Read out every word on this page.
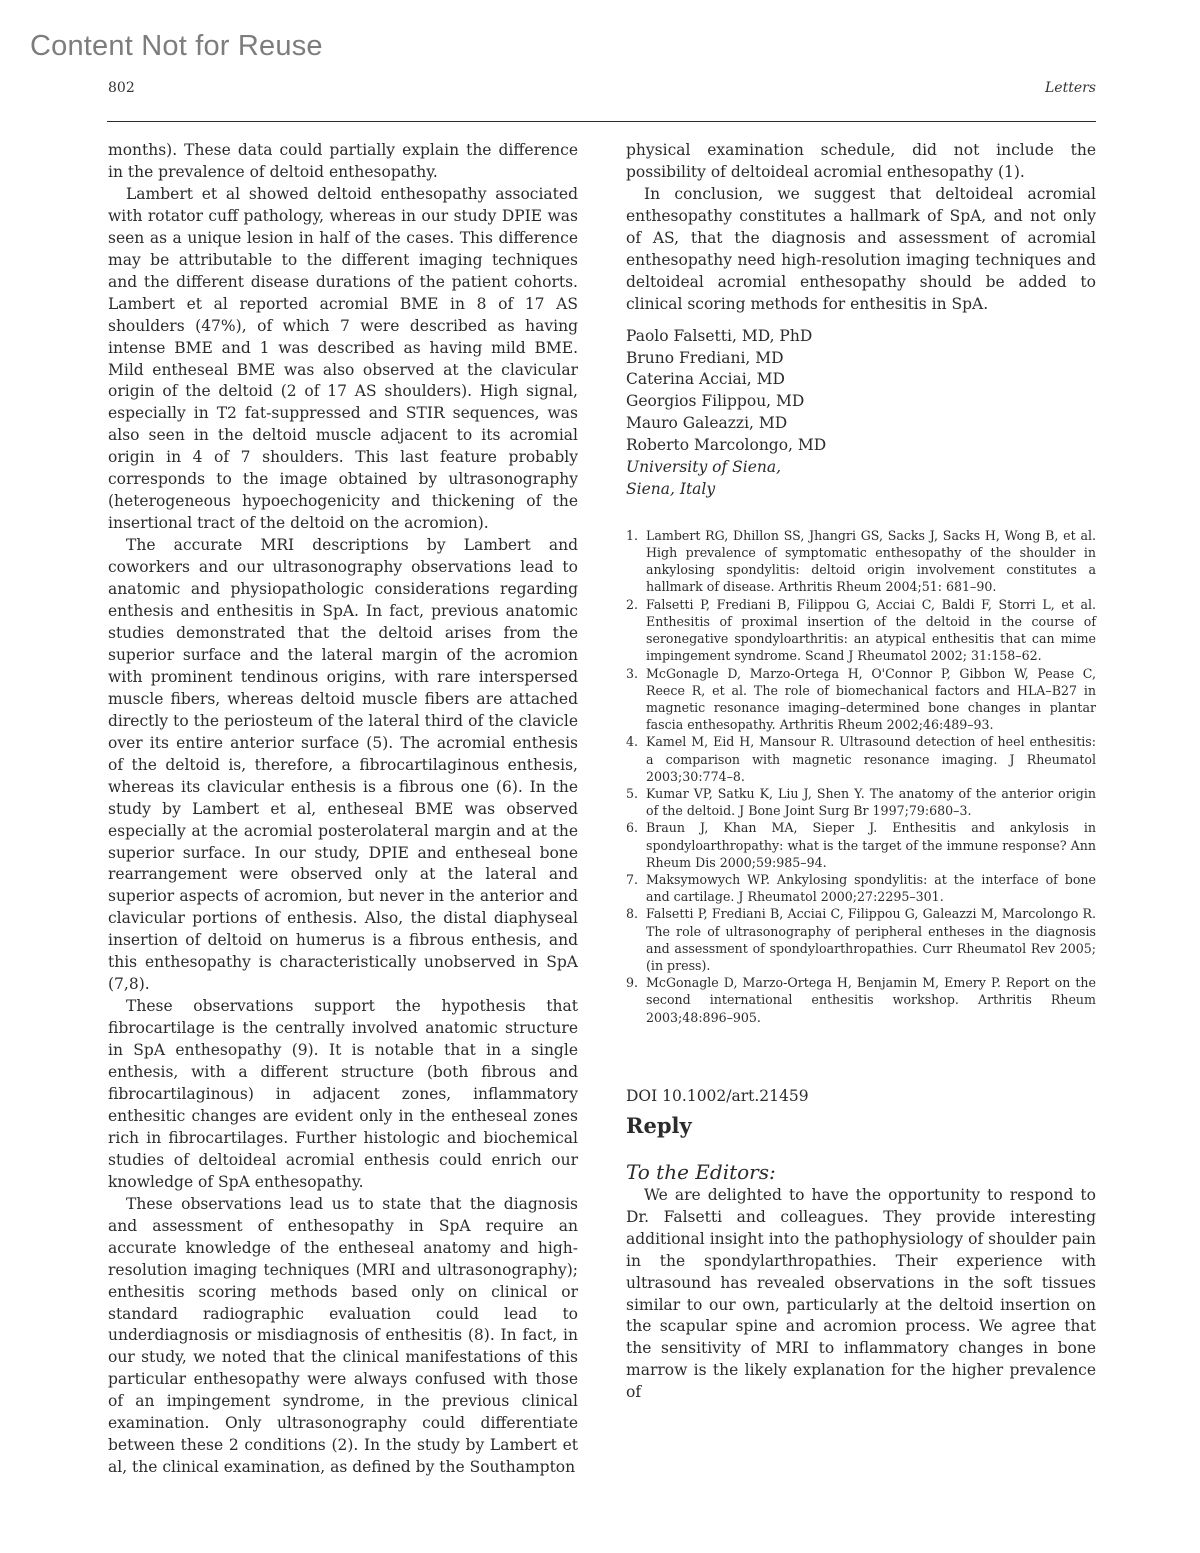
Content Not for Reuse
802	Letters

months). These data could partially explain the difference in the prevalence of deltoid enthesopathy.

Lambert et al showed deltoid enthesopathy associated with rotator cuff pathology, whereas in our study DPIE was seen as a unique lesion in half of the cases. This difference may be attributable to the different imaging techniques and the different disease durations of the patient cohorts. Lambert et al reported acromial BME in 8 of 17 AS shoulders (47%), of which 7 were described as having intense BME and 1 was described as having mild BME. Mild entheseal BME was also observed at the clavicular origin of the deltoid (2 of 17 AS shoulders). High signal, especially in T2 fat-suppressed and STIR sequences, was also seen in the deltoid muscle adjacent to its acromial origin in 4 of 7 shoulders. This last feature probably corresponds to the image obtained by ultrasonography (heterogeneous hypoechogenicity and thickening of the insertional tract of the deltoid on the acromion).

The accurate MRI descriptions by Lambert and coworkers and our ultrasonography observations lead to anatomic and physiopathologic considerations regarding enthesis and enthesitis in SpA. In fact, previous anatomic studies demonstrated that the deltoid arises from the superior surface and the lateral margin of the acromion with prominent tendinous origins, with rare interspersed muscle fibers, whereas deltoid muscle fibers are attached directly to the periosteum of the lateral third of the clavicle over its entire anterior surface (5). The acromial enthesis of the deltoid is, therefore, a fibrocartilaginous enthesis, whereas its clavicular enthesis is a fibrous one (6). In the study by Lambert et al, entheseal BME was observed especially at the acromial posterolateral margin and at the superior surface. In our study, DPIE and entheseal bone rearrangement were observed only at the lateral and superior aspects of acromion, but never in the anterior and clavicular portions of enthesis. Also, the distal diaphyseal insertion of deltoid on humerus is a fibrous enthesis, and this enthesopathy is characteristically unobserved in SpA (7,8).

These observations support the hypothesis that fibrocartilage is the centrally involved anatomic structure in SpA enthesopathy (9). It is notable that in a single enthesis, with a different structure (both fibrous and fibrocartilaginous) in adjacent zones, inflammatory enthesitic changes are evident only in the entheseal zones rich in fibrocartilages. Further histologic and biochemical studies of deltoideal acromial enthesis could enrich our knowledge of SpA enthesopathy.

These observations lead us to state that the diagnosis and assessment of enthesopathy in SpA require an accurate knowledge of the entheseal anatomy and high-resolution imaging techniques (MRI and ultrasonography); enthesitis scoring methods based only on clinical or standard radiographic evaluation could lead to underdiagnosis or misdiagnosis of enthesitis (8). In fact, in our study, we noted that the clinical manifestations of this particular enthesopathy were always confused with those of an impingement syndrome, in the previous clinical examination. Only ultrasonography could differentiate between these 2 conditions (2). In the study by Lambert et al, the clinical examination, as defined by the Southampton

physical examination schedule, did not include the possibility of deltoideal acromial enthesopathy (1).

In conclusion, we suggest that deltoideal acromial enthesopathy constitutes a hallmark of SpA, and not only of AS, that the diagnosis and assessment of acromial enthesopathy need high-resolution imaging techniques and deltoideal acromial enthesopathy should be added to clinical scoring methods for enthesitis in SpA.

Paolo Falsetti, MD, PhD
Bruno Frediani, MD
Caterina Acciai, MD
Georgios Filippou, MD
Mauro Galeazzi, MD
Roberto Marcolongo, MD
University of Siena,
Siena, Italy
1. Lambert RG, Dhillon SS, Jhangri GS, Sacks J, Sacks H, Wong B, et al. High prevalence of symptomatic enthesopathy of the shoulder in ankylosing spondylitis: deltoid origin involvement constitutes a hallmark of disease. Arthritis Rheum 2004;51: 681–90.
2. Falsetti P, Frediani B, Filippou G, Acciai C, Baldi F, Storri L, et al. Enthesitis of proximal insertion of the deltoid in the course of seronegative spondyloarthritis: an atypical enthesitis that can mime impingement syndrome. Scand J Rheumatol 2002; 31:158–62.
3. McGonagle D, Marzo-Ortega H, O'Connor P, Gibbon W, Pease C, Reece R, et al. The role of biomechanical factors and HLA–B27 in magnetic resonance imaging–determined bone changes in plantar fascia enthesopathy. Arthritis Rheum 2002;46:489–93.
4. Kamel M, Eid H, Mansour R. Ultrasound detection of heel enthesitis: a comparison with magnetic resonance imaging. J Rheumatol 2003;30:774–8.
5. Kumar VP, Satku K, Liu J, Shen Y. The anatomy of the anterior origin of the deltoid. J Bone Joint Surg Br 1997;79:680–3.
6. Braun J, Khan MA, Sieper J. Enthesitis and ankylosis in spondyloarthropathy: what is the target of the immune response? Ann Rheum Dis 2000;59:985–94.
7. Maksymowych WP. Ankylosing spondylitis: at the interface of bone and cartilage. J Rheumatol 2000;27:2295–301.
8. Falsetti P, Frediani B, Acciai C, Filippou G, Galeazzi M, Marcolongo R. The role of ultrasonography of peripheral entheses in the diagnosis and assessment of spondyloarthropathies. Curr Rheumatol Rev 2005; (in press).
9. McGonagle D, Marzo-Ortega H, Benjamin M, Emery P. Report on the second international enthesitis workshop. Arthritis Rheum 2003;48:896–905.
DOI 10.1002/art.21459
Reply
To the Editors:

We are delighted to have the opportunity to respond to Dr. Falsetti and colleagues. They provide interesting additional insight into the pathophysiology of shoulder pain in the spondylarthropathies. Their experience with ultrasound has revealed observations in the soft tissues similar to our own, particularly at the deltoid insertion on the scapular spine and acromion process. We agree that the sensitivity of MRI to inflammatory changes in bone marrow is the likely explanation for the higher prevalence of
